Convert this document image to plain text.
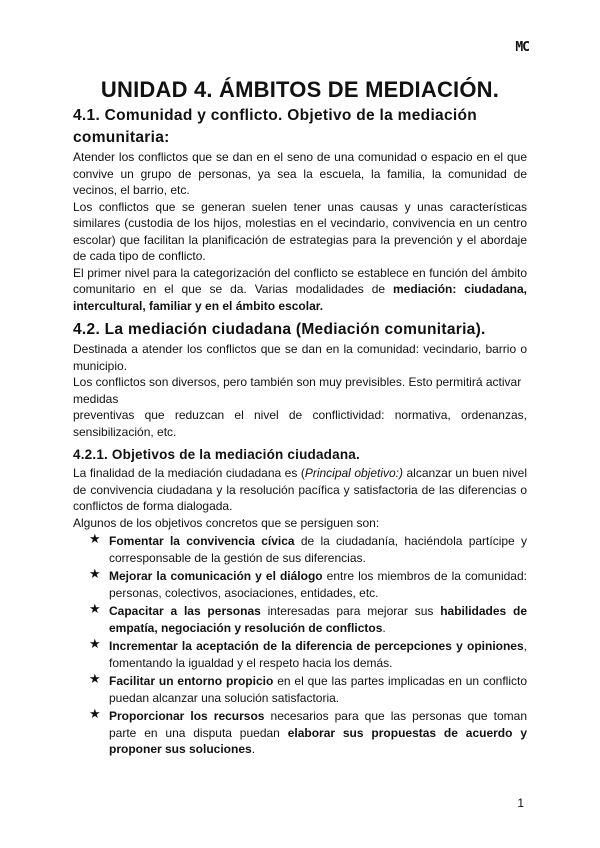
MC
UNIDAD 4. ÁMBITOS DE MEDIACIÓN.
4.1. Comunidad y conflicto. Objetivo de la mediación comunitaria:

Atender los conflictos que se dan en el seno de una comunidad o espacio en el que convive un grupo de personas, ya sea la escuela, la familia, la comunidad de vecinos, el barrio, etc.

Los conflictos que se generan suelen tener unas causas y unas características similares (custodia de los hijos, molestias en el vecindario, convivencia en un centro escolar) que facilitan la planificación de estrategias para la prevención y el abordaje de cada tipo de conflicto.

El primer nivel para la categorización del conflicto se establece en función del ámbito comunitario en el que se da. Varias modalidades de mediación: ciudadana, intercultural, familiar y en el ámbito escolar.

4.2. La mediación ciudadana (Mediación comunitaria).

Destinada a atender los conflictos que se dan en la comunidad: vecindario, barrio o municipio.

Los conflictos son diversos, pero también son muy previsibles. Esto permitirá activar medidas

preventivas que reduzcan el nivel de conflictividad: normativa, ordenanzas, sensibilización, etc.

4.2.1. Objetivos de la mediación ciudadana.

La finalidad de la mediación ciudadana es (Principal objetivo:) alcanzar un buen nivel de convivencia ciudadana y la resolución pacífica y satisfactoria de las diferencias o conflictos de forma dialogada.

Algunos de los objetivos concretos que se persiguen son:

★ Fomentar la convivencia cívica de la ciudadanía, haciéndola partícipe y corresponsable de la gestión de sus diferencias.
★ Mejorar la comunicación y el diálogo entre los miembros de la comunidad: personas, colectivos, asociaciones, entidades, etc.
★ Capacitar a las personas interesadas para mejorar sus habilidades de empatía, negociación y resolución de conflictos.
★ Incrementar la aceptación de la diferencia de percepciones y opiniones, fomentando la igualdad y el respeto hacia los demás.
★ Facilitar un entorno propicio en el que las partes implicadas en un conflicto puedan alcanzar una solución satisfactoria.
★ Proporcionar los recursos necesarios para que las personas que toman parte en una disputa puedan elaborar sus propuestas de acuerdo y proponer sus soluciones.
1
